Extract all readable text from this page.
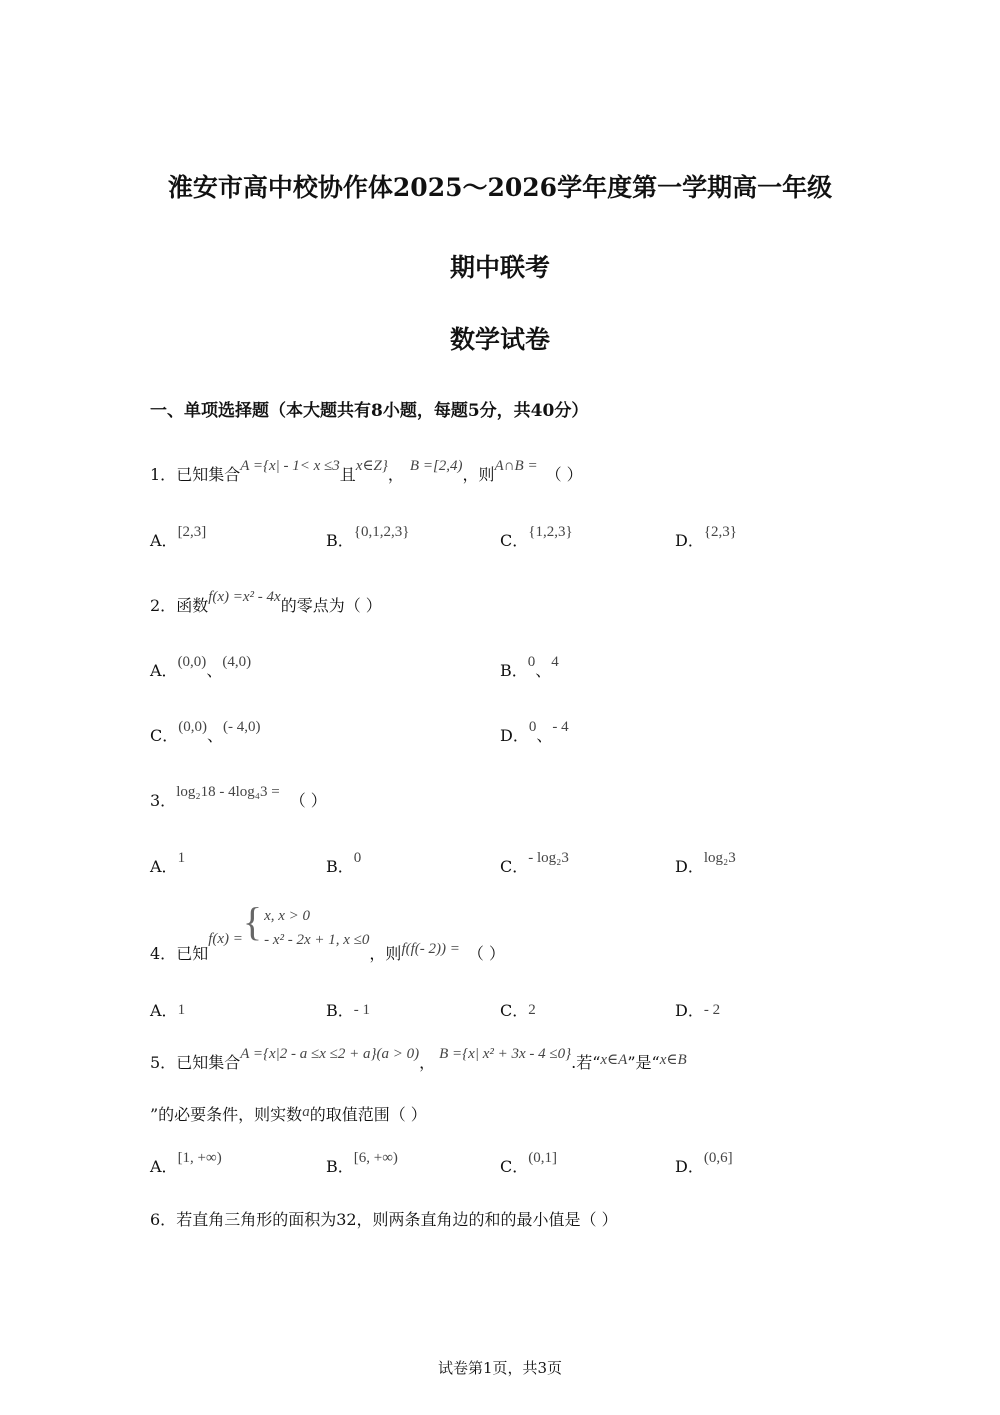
淮安市高中校协作体2025～2026学年度第一学期高一年级
期中联考
数学试卷
一、单项选择题（本大题共有8小题，每题5分，共40分）
1．已知集合A ={x| - 1< x ≤3且x∈Z}， B =[2,4)，则A∩B = （ ）
A．[2,3]	B．{0,1,2,3}	C．{1,2,3}	D．{2,3}
2．函数f(x) =x² - 4x的零点为（ ）
A．(0,0)、(4,0)	B．0、4
C．(0,0)、(- 4,0)	D．0、- 4
3．log₂18 - 4log₄3 = （ ）
A．1	B．0	C．- log₂3	D．log₂3
4．已知f(x) ={ x, x > 0
- x² - 2x + 1, x ≤0
，则f(f(- 2)) = （ ）
A．1	B．- 1	C．2	D．- 2
5．已知集合A ={x|2 - a ≤x ≤2 + a}(a > 0)， B ={x| x² + 3x - 4 ≤0}.若“x∈A”是“x∈B
”的必要条件，则实数a的取值范围（ ）
A．[1, +∞)	B．[6, +∞)	C．(0,1]	D．(0,6]
6．若直角三角形的面积为32，则两条直角边的和的最小值是（ ）
试卷第1页，共3页
